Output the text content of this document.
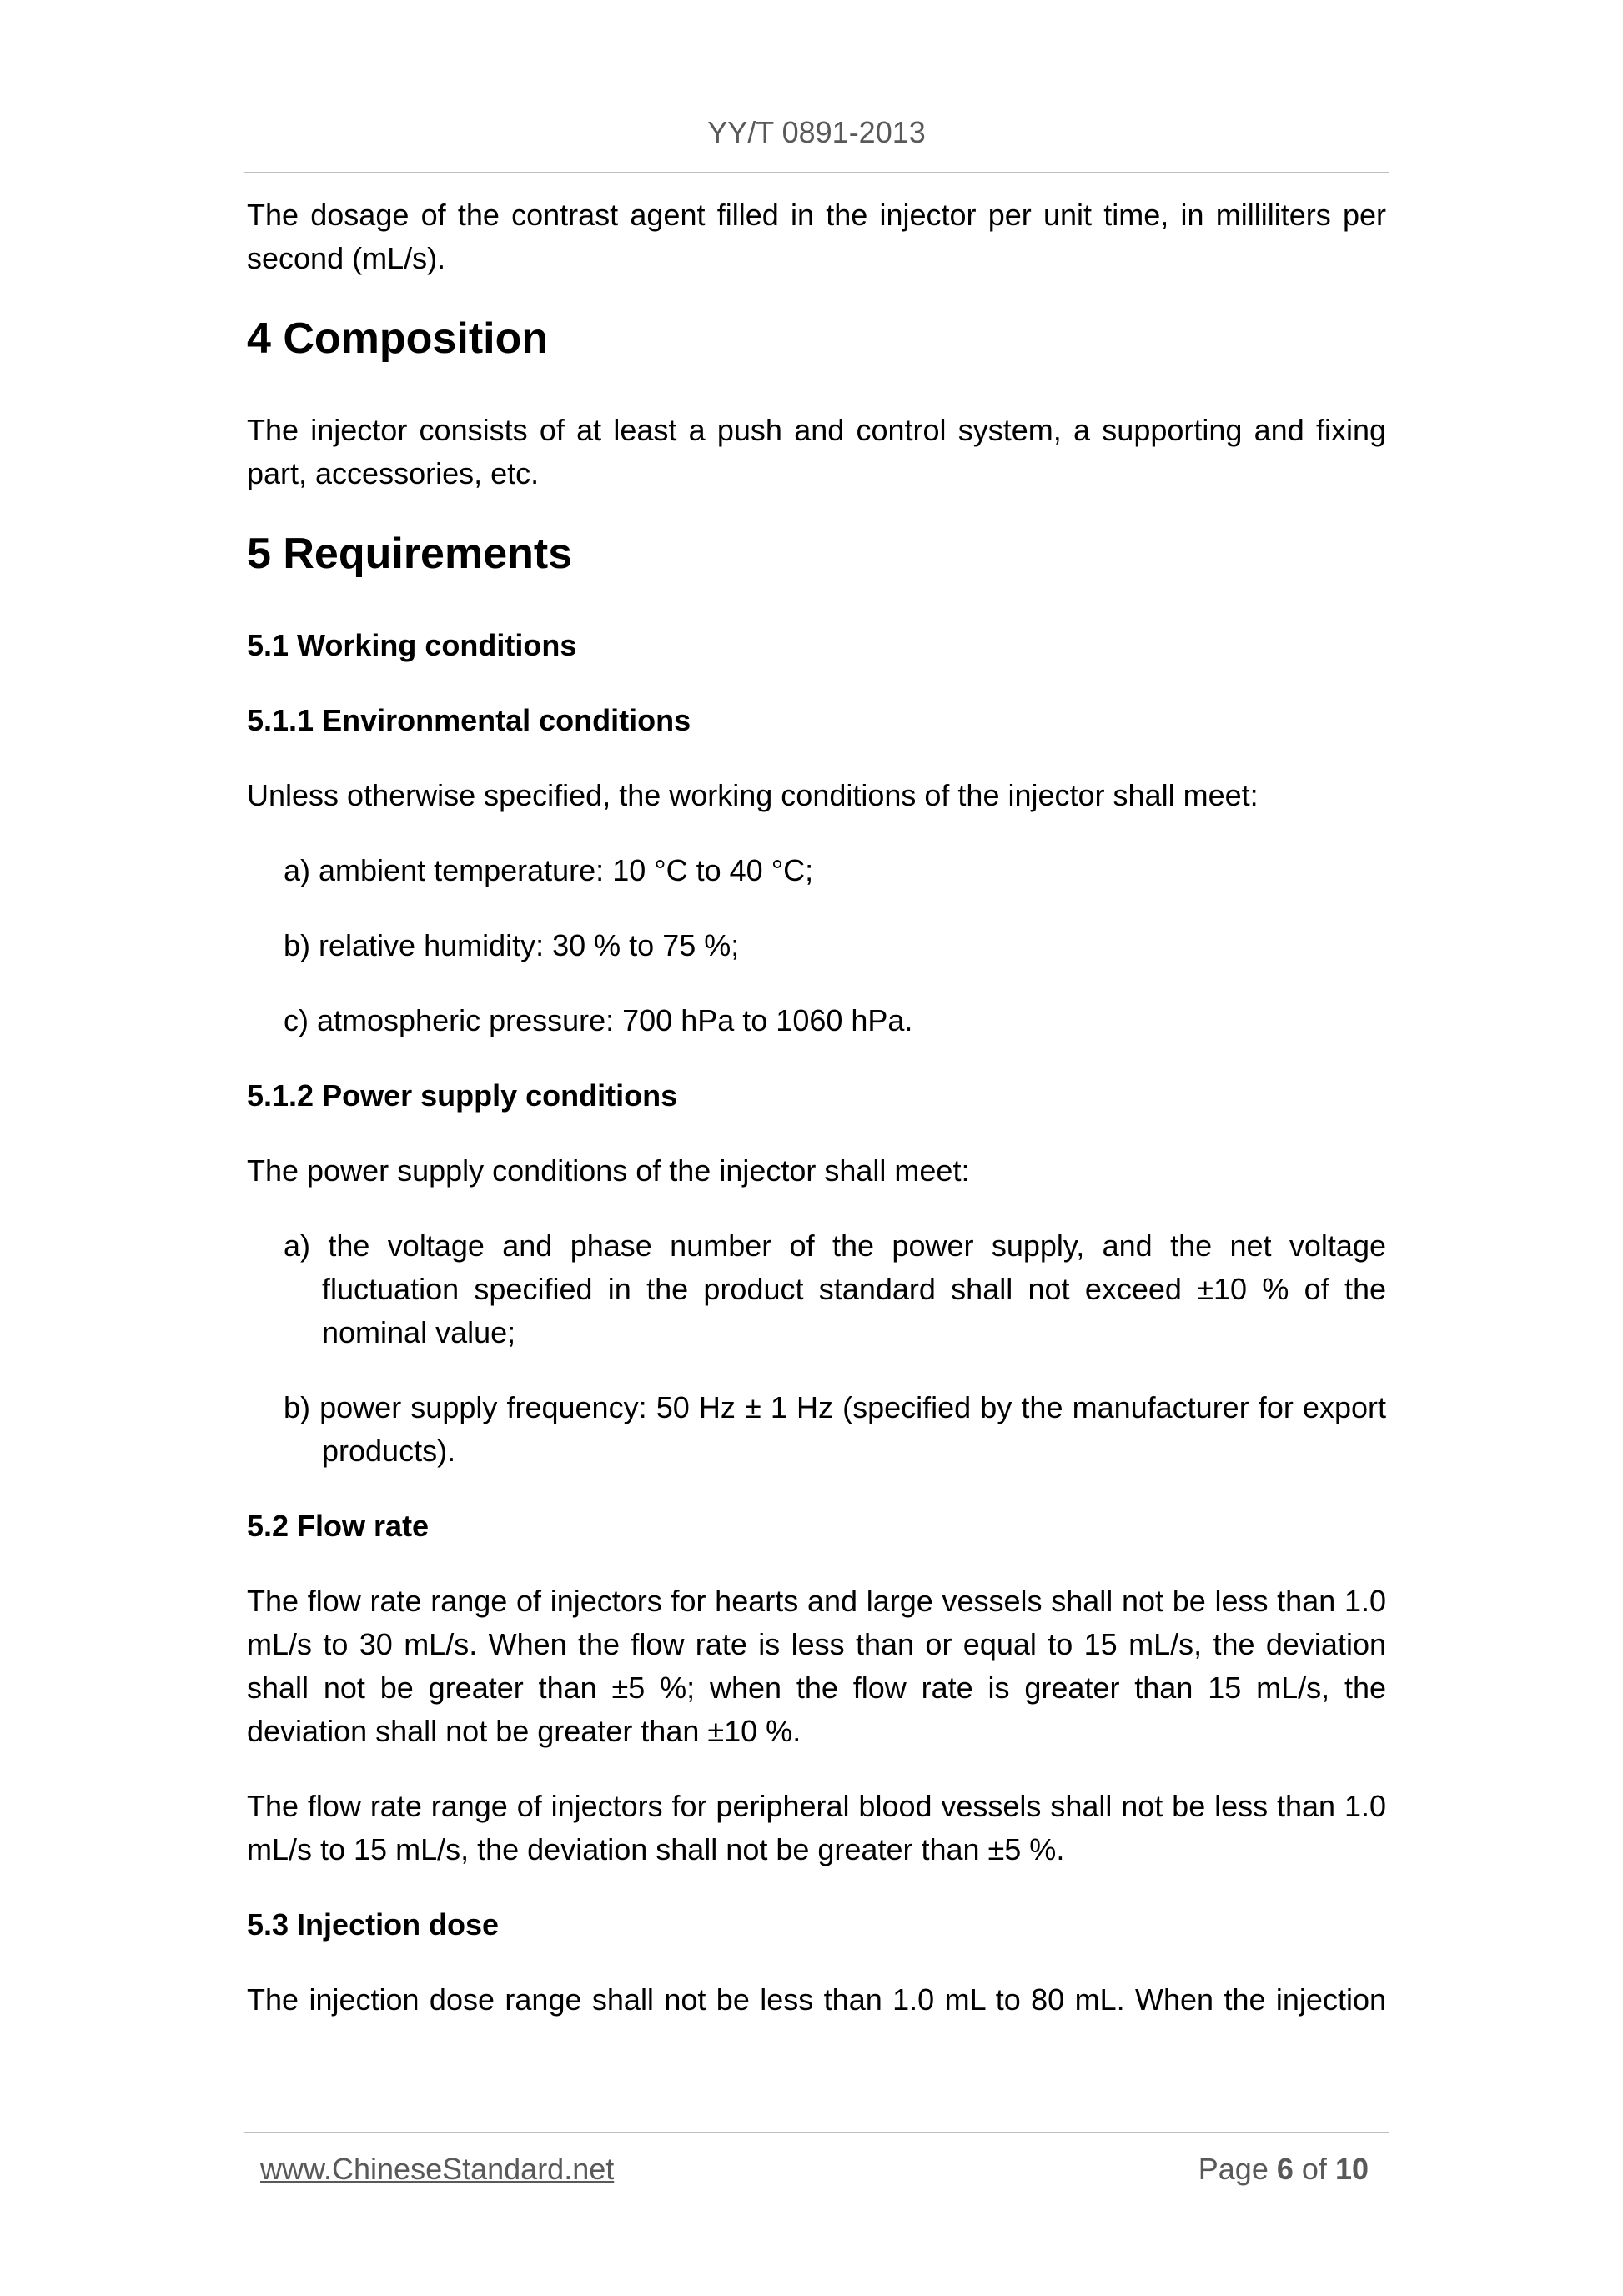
YY/T 0891-2013

The dosage of the contrast agent filled in the injector per unit time, in milliliters per second (mL/s).

4 Composition

The injector consists of at least a push and control system, a supporting and fixing part, accessories, etc.

5 Requirements
5.1 Working conditions
5.1.1 Environmental conditions

Unless otherwise specified, the working conditions of the injector shall meet:

a) ambient temperature: 10 °C to 40 °C;

b) relative humidity: 30 % to 75 %;

c) atmospheric pressure: 700 hPa to 1060 hPa.

5.1.2 Power supply conditions

The power supply conditions of the injector shall meet:

a) the voltage and phase number of the power supply, and the net voltage fluctuation specified in the product standard shall not exceed ±10 % of the nominal value;

b) power supply frequency: 50 Hz ± 1 Hz (specified by the manufacturer for export products).

5.2 Flow rate

The flow rate range of injectors for hearts and large vessels shall not be less than 1.0 mL/s to 30 mL/s. When the flow rate is less than or equal to 15 mL/s, the deviation shall not be greater than ±5 %; when the flow rate is greater than 15 mL/s, the deviation shall not be greater than ±10 %.

The flow rate range of injectors for peripheral blood vessels shall not be less than 1.0 mL/s to 15 mL/s, the deviation shall not be greater than ±5 %.

5.3 Injection dose

The injection dose range shall not be less than 1.0 mL to 80 mL. When the injection

www.ChineseStandard.net	Page 6 of 10
